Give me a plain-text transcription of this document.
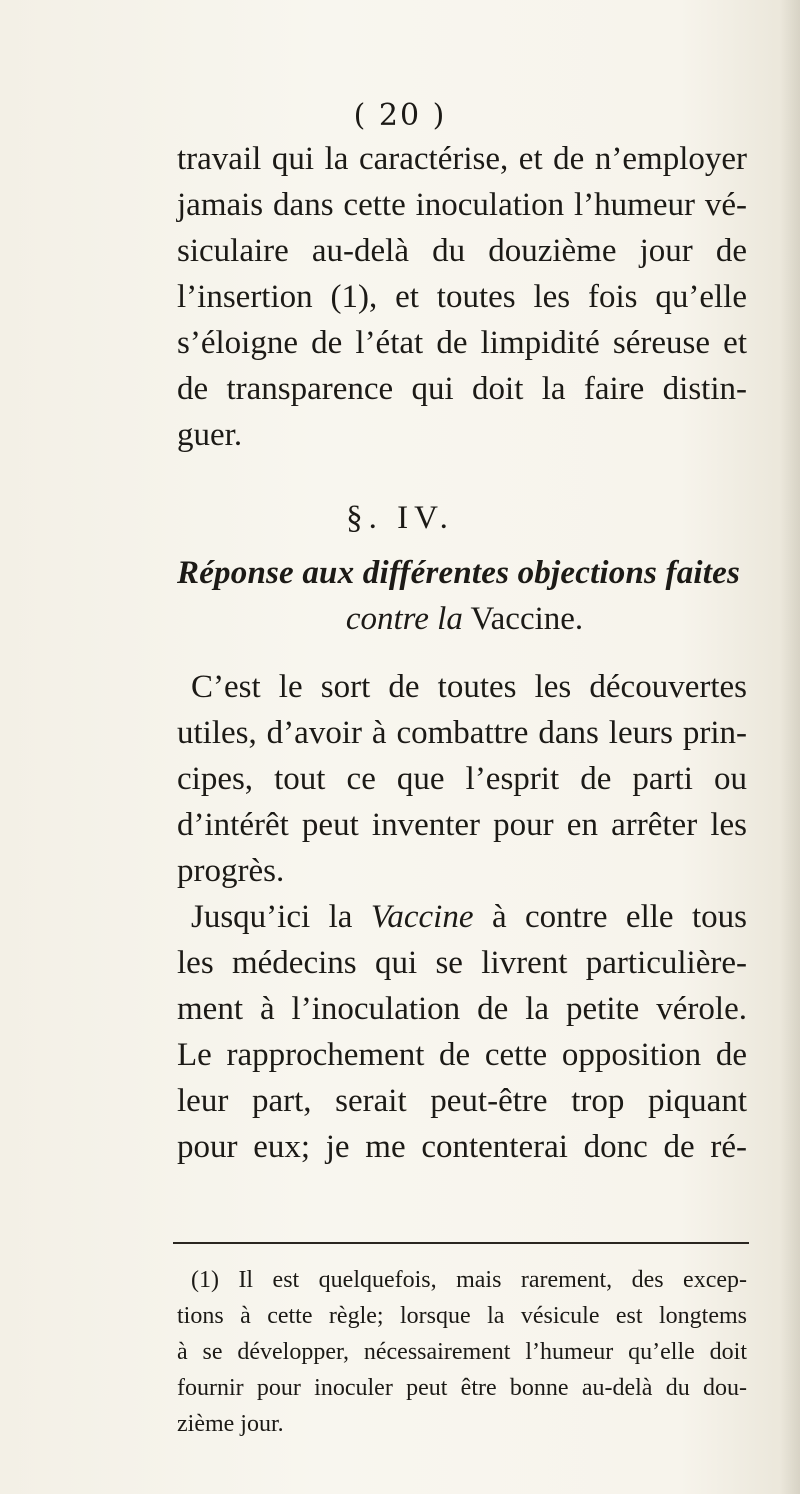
( 20 )
travail qui la caractérise, et de n’employer
jamais dans cette inoculation l’humeur vé-
siculaire au-delà du douzième jour de
l’insertion (1), et toutes les fois qu’elle
s’éloigne de l’état de limpidité séreuse et
de transparence qui doit la faire distin-
guer.
§. IV.
Réponse aux différentes objections faites
contre la Vaccine.
C’est le sort de toutes les découvertes
utiles, d’avoir à combattre dans leurs prin-
cipes, tout ce que l’esprit de parti ou
d’intérêt peut inventer pour en arrêter les
progrès.
Jusqu’ici la Vaccine à contre elle tous
les médecins qui se livrent particulière-
ment à l’inoculation de la petite vérole.
Le rapprochement de cette opposition de
leur part, serait peut-être trop piquant
pour eux; je me contenterai donc de ré-
(1) Il est quelquefois, mais rarement, des excep-
tions à cette règle; lorsque la vésicule est longtems
à se développer, nécessairement l’humeur qu’elle doit
fournir pour inoculer peut être bonne au-delà du dou-
zième jour.
